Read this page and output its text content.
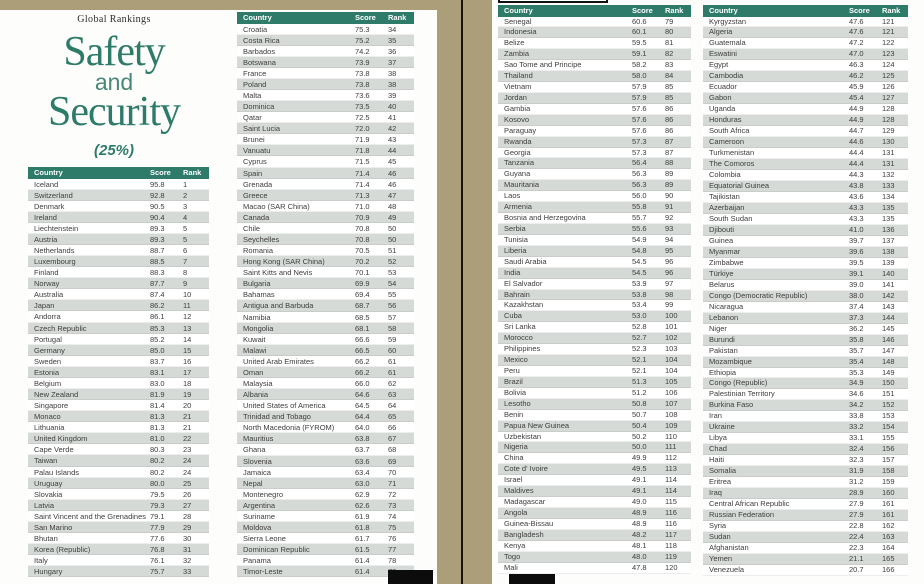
Global Rankings
Safety
and
Security
(25%)
Country	Score	Rank
Iceland	95.8	1
Switzerland	92.8	2
Denmark	90.5	3
Ireland	90.4	4
Liechtenstein	89.3	5
Austria	89.3	5
Netherlands	88.7	6
Luxembourg	88.5	7
Finland	88.3	8
Norway	87.7	9
Australia	87.4	10
Japan	86.2	11
Andorra	86.1	12
Czech Republic	85.3	13
Portugal	85.2	14
Germany	85.0	15
Sweden	83.7	16
Estonia	83.1	17
Belgium	83.0	18
New Zealand	81.9	19
Singapore	81.4	20
Monaco	81.3	21
Lithuania	81.3	21
United Kingdom	81.0	22
Cape Verde	80.3	23
Taiwan	80.2	24
Palau Islands	80.2	24
Uruguay	80.0	25
Slovakia	79.5	26
Latvia	79.3	27
Saint Vincent and the Grenadines 79.1	28
San Marino	77.9	29
Bhutan	77.6	30
Korea (Republic)	76.8	31
Italy	76.1	32
Hungary	75.7	33
Country	Score	Rank
Croatia	75.3	34
Costa Rica	75.2	35
Barbados	74.2	36
Botswana	73.9	37
France	73.8	38
Poland	73.8	38
Malta	73.6	39
Dominica	73.5	40
Qatar	72.5	41
Saint Lucia	72.0	42
Brunei	71.9	43
Vanuatu	71.8	44
Cyprus	71.5	45
Spain	71.4	46
Grenada	71.4	46
Greece	71.3	47
Macao (SAR China)	71.0	48
Canada	70.9	49
Chile	70.8	50
Seychelles	70.8	50
Romania	70.5	51
Hong Kong (SAR China)	70.2	52
Saint Kitts and Nevis	70.1	53
Bulgaria	69.9	54
Bahamas	69.4	55
Antigua and Barbuda	68.7	56
Namibia	68.5	57
Mongolia	68.1	58
Kuwait	66.6	59
Malawi	66.5	60
United Arab Emirates	66.2	61
Oman	66.2	61
Malaysia	66.0	62
Albania	64.6	63
United States of America	64.5	64
Trinidad and Tobago	64.4	65
North Macedonia (FYROM)	64.0	66
Mauritius	63.8	67
Ghana	63.7	68
Slovenia	63.6	69
Jamaica	63.4	70
Nepal	63.0	71
Montenegro	62.9	72
Argentina	62.6	73
Suriname	61.9	74
Moldova	61.8	75
Sierra Leone	61.7	76
Dominican Republic	61.5	77
Panama	61.4	78
Timor-Leste	61.4
Country	Score	Rank
Senegal	60.6	79
Indonesia	60.1	80
Belize	59.5	81
Zambia	59.1	82
Sao Tome and Principe	58.2	83
Thailand	58.0	84
Vietnam	57.9	85
Jordan	57.9	85
Gambia	57.6	86
Kosovo	57.6	86
Paraguay	57.6	86
Rwanda	57.3	87
Georgia	57.3	87
Tanzania	56.4	88
Guyana	56.3	89
Mauritania	56.3	89
Laos	56.0	90
Armenia	55.8	91
Bosnia and Herzegovina	55.7	92
Serbia	55.6	93
Tunisia	54.9	94
Liberia	54.8	95
Saudi Arabia	54.5	96
India	54.5	96
El Salvador	53.9	97
Bahrain	53.8	98
Kazakhstan	53.4	99
Cuba	53.0	100
Sri Lanka	52.8	101
Morocco	52.7	102
Philippines	52.3	103
Mexico	52.1	104
Peru	52.1	104
Brazil	51.3	105
Bolivia	51.2	106
Lesotho	50.8	107
Benin	50.7	108
Papua New Guinea	50.4	109
Uzbekistan	50.2	110
Nigeria	50.0	111
China	49.9	112
Cote d' Ivoire	49.5	113
Israel	49.1	114
Maldives	49.1	114
Madagascar	49.0	115
Angola	48.9	116
Guinea-Bissau	48.9	116
Bangladesh	48.2	117
Kenya	48.1	118
Togo	48.0	119
Mali	47.8	120
Country	Score	Rank
Kyrgyzstan	47.6	121
Algeria	47.6	121
Guatemala	47.2	122
Eswatini	47.0	123
Egypt	46.3	124
Cambodia	46.2	125
Ecuador	45.9	126
Gabon	45.4	127
Uganda	44.9	128
Honduras	44.9	128
South Africa	44.7	129
Cameroon	44.6	130
Turkmenistan	44.4	131
The Comoros	44.4	131
Colombia	44.3	132
Equatorial Guinea	43.8	133
Tajikistan	43.6	134
Azerbaijan	43.3	135
South Sudan	43.3	135
Djibouti	41.0	136
Guinea	39.7	137
Myanmar	39.6	138
Zimbabwe	39.5	139
Türkiye	39.1	140
Belarus	39.0	141
Congo (Democratic Republic)	38.0	142
Nicaragua	37.4	143
Lebanon	37.3	144
Niger	36.2	145
Burundi	35.8	146
Pakistan	35.7	147
Mozambique	35.4	148
Ethiopia	35.3	149
Congo (Republic)	34.9	150
Palestinian Territory	34.6	151
Burkina Faso	34.2	152
Iran	33.8	153
Ukraine	33.2	154
Libya	33.1	155
Chad	32.4	156
Haiti	32.3	157
Somalia	31.9	158
Eritrea	31.2	159
Iraq	28.9	160
Central African Republic	27.9	161
Russian Federation	27.9	161
Syria	22.8	162
Sudan	22.4	163
Afghanistan	22.3	164
Yemen	21.1	165
Venezuela	20.7	166
